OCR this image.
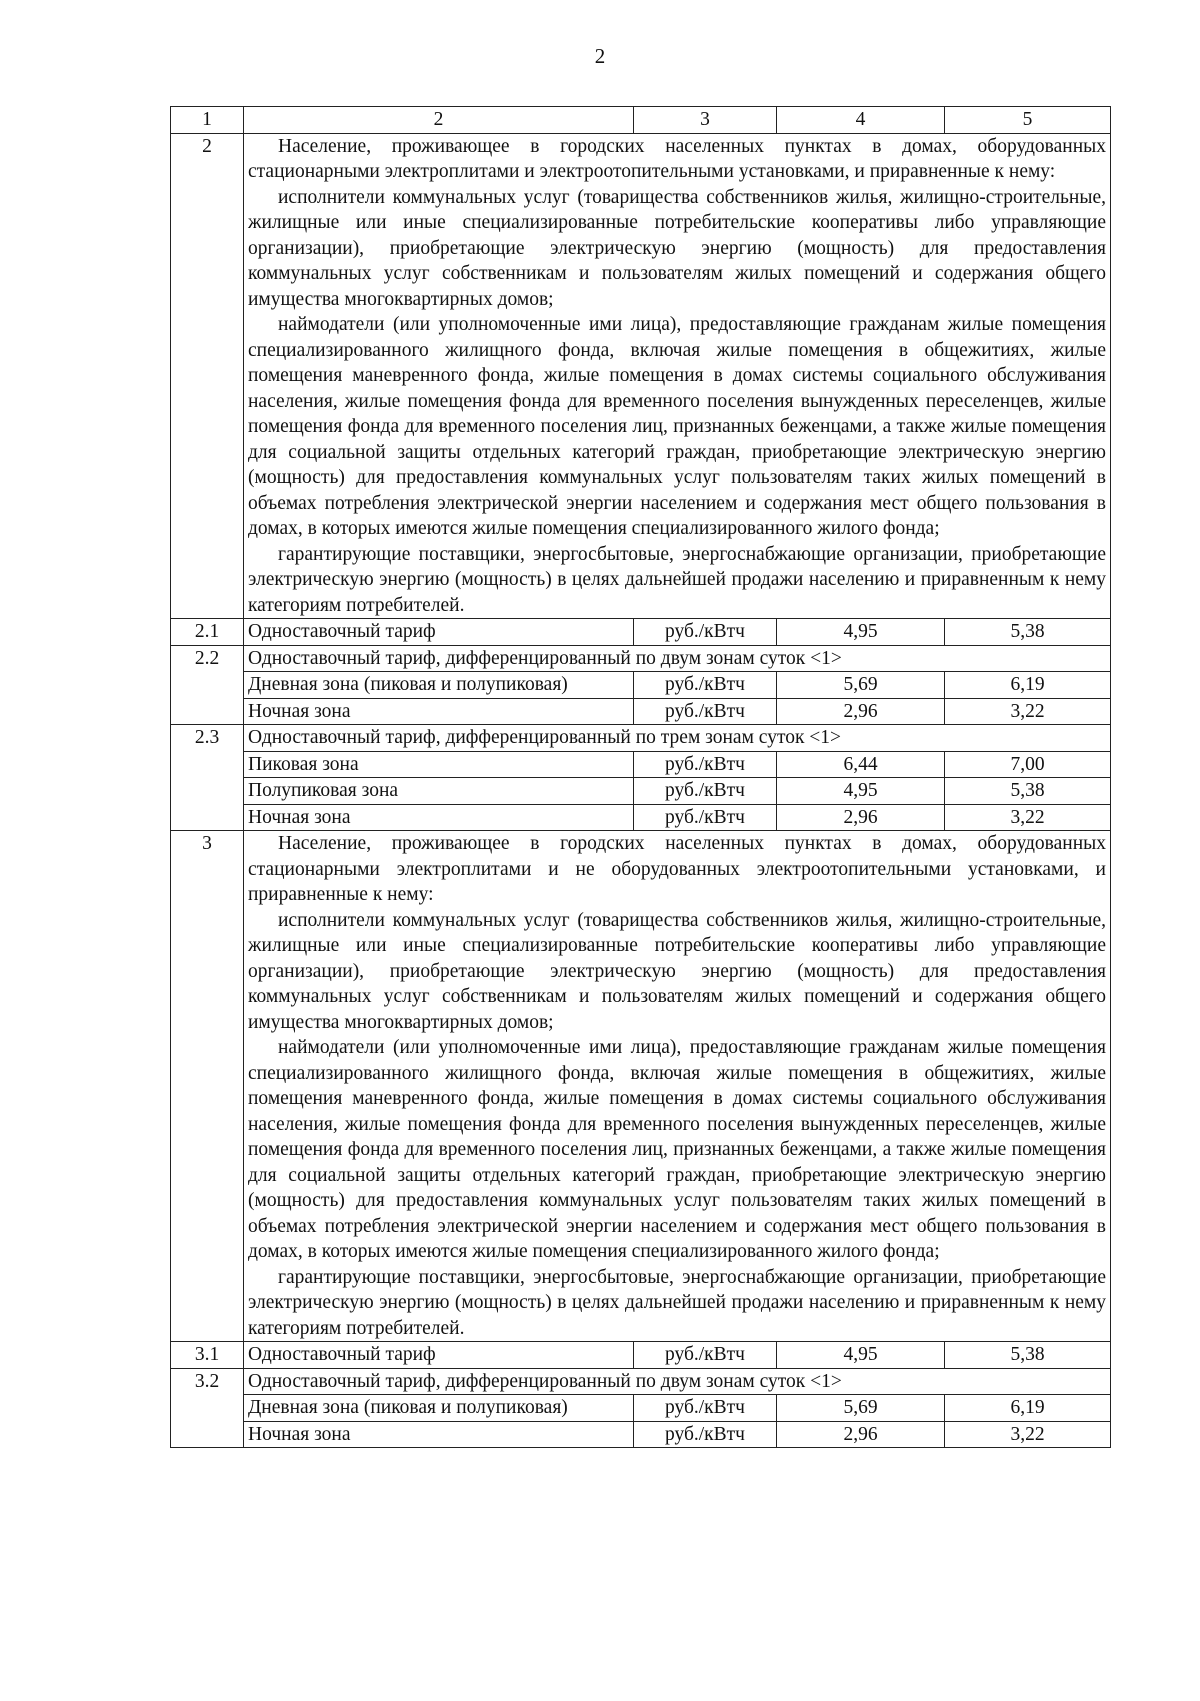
2
1	2	3	4	5
2	Население, проживающее в городских населенных пунктах в домах, оборудованных стационарными электроплитами и электроотопительными установками, и приравненные к нему:

исполнители коммунальных услуг (товарищества собственников жилья, жилищно-строительные, жилищные или иные специализированные потребительские кооперативы либо управляющие организации), приобретающие электрическую энергию (мощность) для предоставления коммунальных услуг собственникам и пользователям жилых помещений и содержания общего имущества многоквартирных домов;

наймодатели (или уполномоченные ими лица), предоставляющие гражданам жилые помещения специализированного жилищного фонда, включая жилые помещения в общежитиях, жилые помещения маневренного фонда, жилые помещения в домах системы социального обслуживания населения, жилые помещения фонда для временного поселения вынужденных переселенцев, жилые помещения фонда для временного поселения лиц, признанных беженцами, а также жилые помещения для социальной защиты отдельных категорий граждан, приобретающие электрическую энергию (мощность) для предоставления коммунальных услуг пользователям таких жилых помещений в объемах потребления электрической энергии населением и содержания мест общего пользования в домах, в которых имеются жилые помещения специализированного жилого фонда;

гарантирующие поставщики, энергосбытовые, энергоснабжающие организации, приобретающие электрическую энергию (мощность) в целях дальнейшей продажи населению и приравненным к нему категориям потребителей.			

2.1	Одноставочный тариф	руб./кВтч	4,95	5,38
2.2	Одноставочный тариф, дифференцированный по двум зонам суток <1>			
	Дневная зона (пиковая и полупиковая)	руб./кВтч	5,69	6,19
	Ночная зона	руб./кВтч	2,96	3,22
2.3	Одноставочный тариф, дифференцированный по трем зонам суток <1>			
	Пиковая зона	руб./кВтч	6,44	7,00
	Полупиковая зона	руб./кВтч	4,95	5,38
	Ночная зона	руб./кВтч	2,96	3,22
3	Население, проживающее в городских населенных пунктах в домах, оборудованных стационарными электроплитами и не оборудованных электроотопительными установками, и приравненные к нему:

исполнители коммунальных услуг (товарищества собственников жилья, жилищно-строительные, жилищные или иные специализированные потребительские кооперативы либо управляющие организации), приобретающие электрическую энергию (мощность) для предоставления коммунальных услуг собственникам и пользователям жилых помещений и содержания общего имущества многоквартирных домов;

наймодатели (или уполномоченные ими лица), предоставляющие гражданам жилые помещения специализированного жилищного фонда, включая жилые помещения в общежитиях, жилые помещения маневренного фонда, жилые помещения в домах системы социального обслуживания населения, жилые помещения фонда для временного поселения вынужденных переселенцев, жилые помещения фонда для временного поселения лиц, признанных беженцами, а также жилые помещения для социальной защиты отдельных категорий граждан, приобретающие электрическую энергию (мощность) для предоставления коммунальных услуг пользователям таких жилых помещений в объемах потребления электрической энергии населением и содержания мест общего пользования в домах, в которых имеются жилые помещения специализированного жилого фонда;

гарантирующие поставщики, энергосбытовые, энергоснабжающие организации, приобретающие электрическую энергию (мощность) в целях дальнейшей продажи населению и приравненным к нему категориям потребителей.			

3.1	Одноставочный тариф	руб./кВтч	4,95	5,38
3.2	Одноставочный тариф, дифференцированный по двум зонам суток <1>			
	Дневная зона (пиковая и полупиковая)	руб./кВтч	5,69	6,19
	Ночная зона	руб./кВтч	2,96	3,22
